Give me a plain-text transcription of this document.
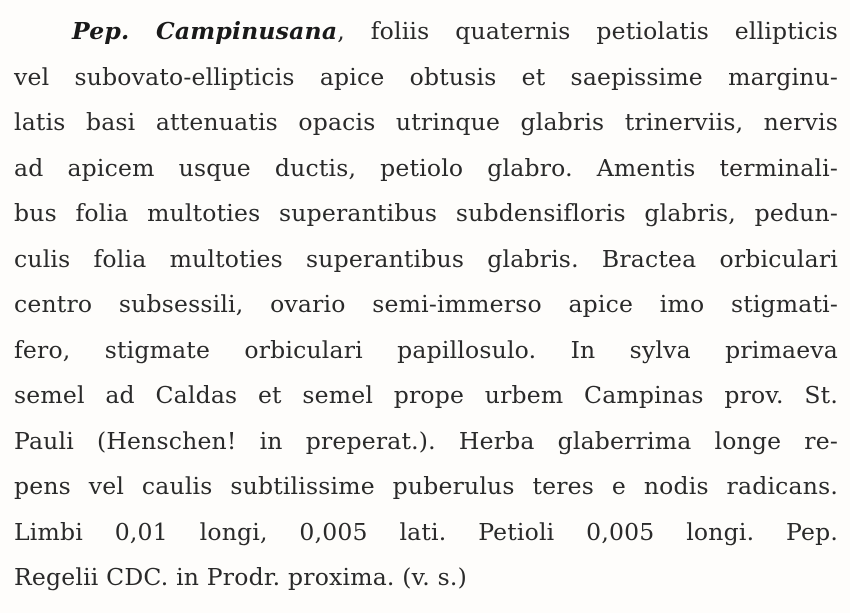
Pep. Campinusana, foliis quaternis petiolatis ellipticis
vel subovato-ellipticis apice obtusis et saepissime marginu-
latis basi attenuatis opacis utrinque glabris trinerviis, nervis
ad apicem usque ductis, petiolo glabro. Amentis terminali-
bus folia multoties superantibus subdensifloris glabris, pedun-
culis folia multoties superantibus glabris. Bractea orbiculari
centro subsessili, ovario semi-immerso apice imo stigmati-
fero, stigmate orbiculari papillosulo. In sylva primaeva
semel ad Caldas et semel prope urbem Campinas prov. St.
Pauli (Henschen! in preperat.). Herba glaberrima longe re-
pens vel caulis subtilissime puberulus teres e nodis radicans.
Limbi 0,01 longi, 0,005 lati. Petioli 0,005 longi. Pep.
Regelii CDC. in Prodr. proxima. (v. s.)
